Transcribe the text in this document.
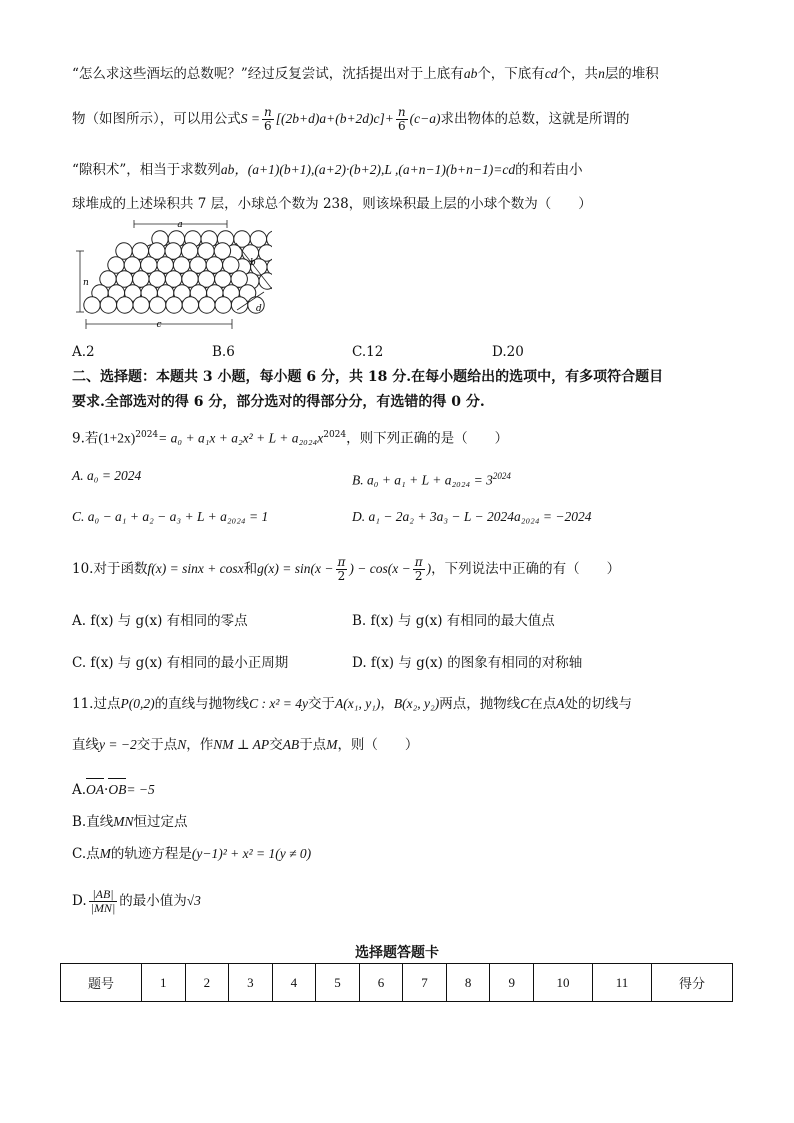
“怎么求这些酒坛的总数呢？”经过反复尝试，沈括提出对于上底有ab个，下底有cd个，共n层的堆积
物（如图所示），可以用公式$S = \frac{n}{6} [(2b+d)a+(b+2d)c]+ \frac{n}{6} (c-a)$求出物体的总数，这就是所谓的
“隙积术”，相当于求数列ab，(a+1)(b+1),(a+2)·(b+2),L ,(a+n−1)(b+n−1)=cd的和若由小
球堆成的上述垛积共 7 层，小球总个数为 238，则该垛积最上层的小球个数为（　　）
a
n
c
b
d
A.2	B.6	C.12	D.20
二、选择题：本题共 3 小题，每小题 6 分，共 18 分.在每小题给出的选项中，有多项符合题目
要求.全部选对的得 6 分，部分选对的得部分分，有选错的得 0 分.
9.若$(1+2x)^{2024}= a_0 + a_1x + a_2x^2 + L + a_{2024}x^{2024}$，则下列正确的是（　　）
A. a₀ = 2024	B. $a_0 + a_1 + L + a_{2024} = 3^{2024}$
C. a₀ − a₁ + a₂ − a₃ + L + a₂₀₂₄ = 1	D. a₁ − 2a₂ + 3a₃ − L − 2024a₂₀₂₄ = −2024
10.对于函数f(x) = sinx + cosx和$g(x) = \sin(x - \frac{\pi}{2}$ ) − $\cos(x - \frac{\pi}{2}$ )，下列说法中正确的有（　　）
A. f(x) 与 g(x) 有相同的零点	B. f(x) 与 g(x) 有相同的最大值点
C. f(x) 与 g(x) 有相同的最小正周期	D. f(x) 与 g(x) 的图象有相同的对称轴
11.过点P(0,2)的直线与抛物线C : x² = 4y交于A(x₁, y₁)，B(x₂, y₂)两点，抛物线C在点A处的切线与
直线y = −2交于点N，作NM ⊥ AP交AB于点M，则（　　）
A.OA·OB= −5
B.直线MN恒过定点
C.点M的轨迹方程是(y−1)² + x² = 1(y ≠ 0)
D. $\frac{|AB|}{|MN|}$ 的最小值为√3
选择题答题卡
题号	1	2	3	4	5	6	7	8	9	10	11	得分
